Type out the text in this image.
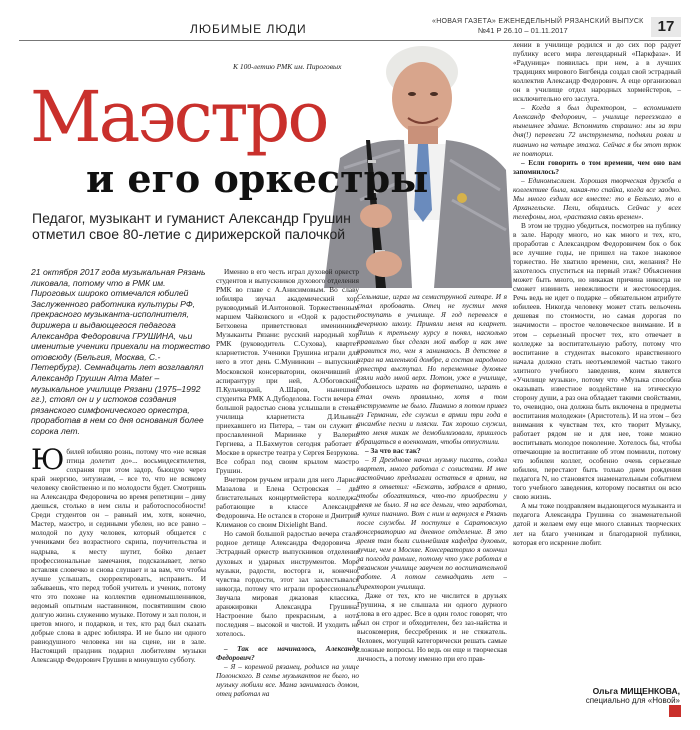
ЛЮБИМЫЕ ЛЮДИ
«НОВАЯ ГАЗЕТА» ЕЖЕНЕДЕЛЬНЫЙ РЯЗАНСКИЙ ВЫПУСК
№41 Р 26.10 – 01.11.2017	17
К 100-летию РМК им. Пироговых
Маэстро
и его оркестры
Педагог, музыкант и гуманист Александр Грушин отметил свое 80-летие с дирижерской палочкой
21 октября 2017 года музыкальная Рязань ликовала, потому что в РМК им. Пироговых широко отмечался юбилей Заслуженного работника культуры РФ, прекрасного музыканта-исполнителя, дирижера и выдающегося педагога Александра Федоровича ГРУШИНА, чьи именитые ученики приехали на торжество отовсюду (Бельгия, Москва, С.-Петербург). Семнадцать лет возглавлял Александр Грушин Alma Mater – музыкальное училище Рязани (1975–1992 гг.), стоял он и у истоков создания рязанского симфонического оркестра, проработав в нем со дня основания более сорока лет.

Юбилей юбиляю рознь, потому что «не всякая птица долетит до»... восьмидесятилетия, сохраняя при этом задор, бьющую через край энергию, энтузиазм, – все то, что не всякому человеку свойственно и по молодости будет. Смотришь на Александра Федоровича во время репетиции – диву даешься, столько в нем силы и работоспособности! Среди студентов он – равный им, хотя, конечно, Мастер, маэстро, и седиными убелен, но все равно – молодой по духу человек, который общается с учениками без возрастного скрипа, поучительства и надрыва, к месту шутит, бойко делает профессиональные замечания, подсказывает, легко вставляя словечко и снова слушает и за вам, что чтобы лучше услышать, скорректировать, исправить. И забываешь, что перед тобой учитель и ученик, потому что это похоже на коллектив единомышленников, ведомый опытным наставником, посвятившим свою долгую жизнь служению музыке. Потому и зал полон, и цветов много, и подарков, и тех, кто рад был сказать добрые слова в адрес юбиляра. И не было ни одного равнодушного человека ни на сцене, ни в зале. Настоящий праздник подарил любителям музыки Александр Федорович Грушин в минувшую субботу.

Именно в его честь играл духовой оркестр студентов и выпускников духового отделения РМК во главе с А.Анисимовым. Во славу юбиляра звучал академический хор, руководимый И.Антоновой. Торжественным маршем Чайковского и «Одой к радости» Бетховена приветствовал именинника Музыканты Рязани: русский народный хор РМК (руководитель С.Сухова), квартет кларнетистов. Ученики Грушина играли для него в этот день С.Мунинкин – выпускник Московской консерватории, окончивший и аспирантуру при ней, А.Обоговский, П.Кульчицкий, А.Шаров, нынешняя студентка РМК А.Дубоделова. Гости вечера с большой радостью снова услышали в стенах училища кларнетиста Д.Ильина, приехавшего из Питера, – там он служит в прославленной Мариинке у Валерия Гергиева, а П.Бахмутов сегодня работает в Москве в оркестре театра у Сергея Безрукова. Все собрал под своим крылом маэстро Грушин.

Вчетвером ручьем играли для него Лариса Мазалова и Елена Островская – два блистательных концертмейстера колледжа, работающие в классе Александра Федоровича. Не остался в стороне и Дмитрий Климанов со своим Dixielight Band.

Но самой большой радостью вечера стало родное детище Александра Федоровича – Эстрадный оркестр выпускников отделения духовых и ударных инструментов. Море музыки, радости, восторга и, конечно, чувства гордости, этот зал захлестывался никогда, потому что играли профессионалы. Звучала мировая джазовая классика, аранжировки Александра Грушина. Настроение было прекрасным, а нота последняя – высокой и чистой. И уходить не хотелось.

– Так все начиналось, Александр Федорович?

– Я – коренной рязанец, родился на улице Полонского. В семье музыкантов не было, но музыку любили все. Мама занималась домом, отец работал на

Сельмаше, играл на семиструнной гитаре. И я стал пробовать. Отец не пустил меня поступать в училище. Я год перевелся в вечернюю школу. Приняли меня на кларнет. Лишь к третьему курсу я понял, насколько правильно был сделан мой выбор и как мне нравится то, чем я занимаюсь. В детстве я играл на маленькой домбре, а состав народного оркестра выступал. Но переменные духовые взяли надо мной верх. Потом, уже в училище, добавилось играть на фортепиано, играть в стал очень правильно, хотя в том инструменте не было. Пианино я потом привез из Германии, где служил в армии три года в ансамбле песни и пляски. Так хорошо служил, что меня никак не демобилизовали, пришлось обращаться в военкомат, чтобы отпустили.

– За что вас так?

– Я Дрезднове начал музыку писать, создал квартет, много работал с солистами. И мне настойчиво предлагали остаться в армии, на что я ответил: «Бежать, забрался в армию, чтобы обогатиться, что-то приобрести у меня не было. Я на все деньги, что заработал, я купил пианино. Вот с ним и вернулся в Рязань после службы. И поступил в Саратовскую консерваторию на дневное отделение. В это время там были сильнейшая кафедра духовых, лучше, чем в Москве. Консерваторию я окончил за полгода раньше, потому что уже работал в рязанском училище завучем по воспитательной работе. А потом семнадцать лет – директором училища.

Даже от тех, кто не числится в друзьях Грушина, я не слышала ни одного дурного слова в его адрес. Все в один голос говорят, что был он строг и обходителен, без заз-найства и высокомерия, бессребреник и не стяжатель. Человек, могущий категорически решать самые сложные вопросы. Но ведь он еще и творческая личность, а потому именно при его прав-

лении в училище родился и до сих пор радует публику всего мира легендарный «Паркфаза». И «Радуница» появилась при нем, а в лучших традициях мирового Бигбенда создал свой эстрадный коллектив Александр Федорович. А еще организовал он в училище отдел народных хормейстеров, – исключительно его заслуга.

– Когда я был директором, – вспоминает Александр Федорович, – училище переезжало в нынешнее здание. Вспомнить страшно: мы за три дня(!) перевезли 72 инструмента, подняли рояли и пианино на четыре этажа. Сейчас я бы этот трюк не повторил.

– Если говорить о том времени, чем оно вам запомнилось?

– Единомыслием. Хорошая творческая дружба в коллективе была, какая-то спайка, когда все заодно. Мы много ездили все вместе: то в Бельгию, то в Архангельске. Пели, общались. Сейчас у всех телефоны, мол, «растаяла связь времен».

В этом не трудно убедиться, посмотрев на публику в зале. Народу много, но как много и тех, кто, проработав с Александром Федоровичем бок о бок все лучшие годы, не пришел на такое знаковое торжество. Не хватило времени, сил, желания? Не захотелось спуститься на первый этаж? Объяснения может быть много, но никакая причина никогда не сможет извинить невежливости и жестокосердия. Речь ведь не идет о подарке – обязательном атрибуте юбилеев. Никогда человеку может стать вельочень дешевая по стоимости, но самая дорогая по значимости – простое человеческое внимание. И в этом – серьезный просчет тех, кто отвечает в колледже за воспитательную работу, потому что воспитание в студентах высокого нравственного начала должно стать неотъемлемой частью такого элитного учебного заведения, коим является «Училище музыки», потому что «Музыка способна оказывать известное воздействие на этическую сторону души, а раз она обладает такими свойствами, то, очевидно, она должна быть включена в предметы воспитания молодежи» (Аристотель). И на этом – без внимания к чувствам тех, кто творит Музыку, работает рядом не и для нее, тоже можно воспитывать молодое поколение. Хотелось бы, чтобы отвечающие за воспитание об этом помнили, потому что юбилеи коллег, особенно очень серьезные юбилеи, перестают быть только днем рождения педагога N, но становятся знаменательным событием того учебного заведения, которому посвятил он всю свою жизнь.

А мы тоже поздравляем выдающегося музыканта и педагога Александра Грушина со знаменательной датой и желаем ему еще много славных творческих лет на благо ученикам и благодарной публики, которая его искренне любит.

Ольга МИЩЕНКОВА,
специально для «Новой»
